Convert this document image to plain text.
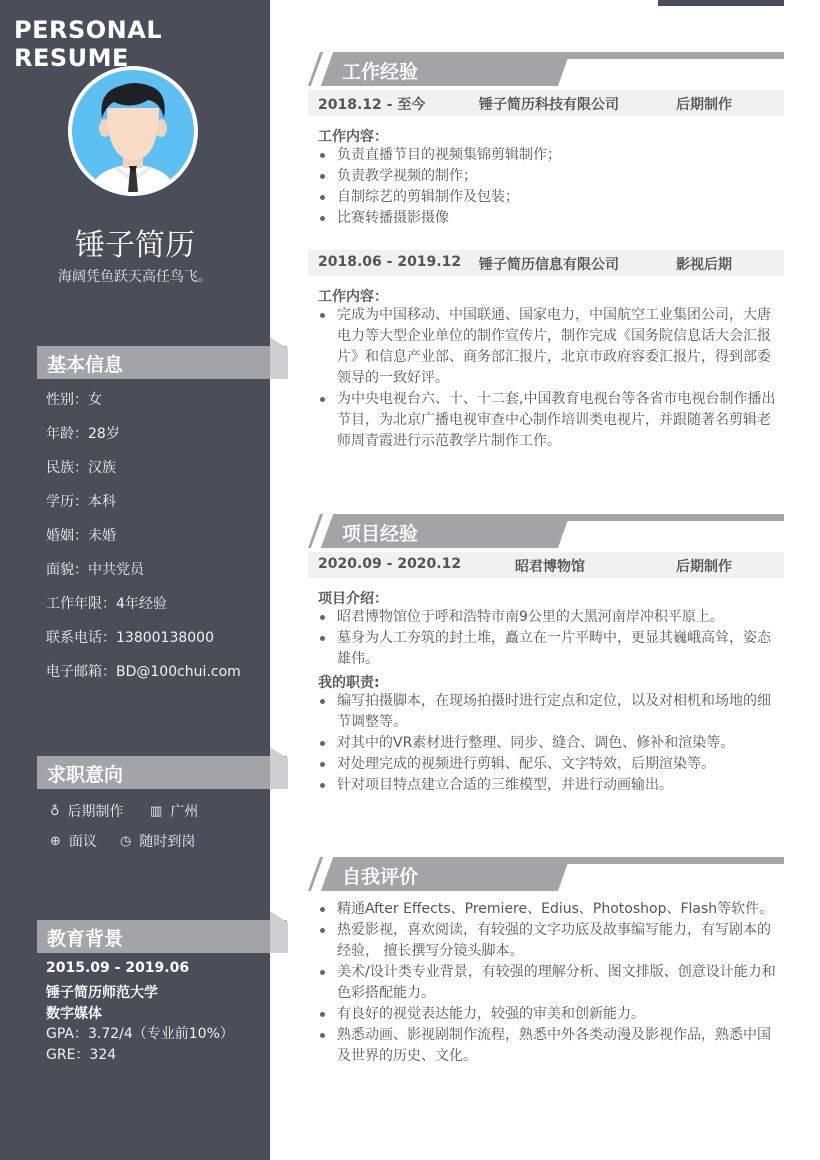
PERSONAL RESUME
锤子简历
海阔凭鱼跃天高任鸟飞。
基本信息
性别：女
年龄：28岁
民族：汉族
学历：本科
婚姻：未婚
面貌：中共党员
工作年限：4年经验
联系电话：13800138000
电子邮箱：BD@100chui.com
求职意向
♁ 后期制作 ▥ 广州
⊕ 面议 ◷ 随时到岗
教育背景
2015.09 - 2019.06
锤子简历师范大学
数字媒体
GPA：3.72/4（专业前10%）
GRE：324
工作经验
2018.12 - 至今	锤子简历科技有限公司	后期制作
工作内容：
负责直播节目的视频集锦剪辑制作；
负责教学视频的制作；
自制综艺的剪辑制作及包装；
比赛转播摄影摄像
2018.06 - 2019.12 锤子简历信息有限公司	影视后期
工作内容：
完成为中国移动、中国联通、国家电力，中国航空工业集团公司，大唐电力等大型企业单位的制作宣传片，制作完成《国务院信息话大会汇报片》和信息产业部、商务部汇报片，北京市政府容委汇报片，得到部委领导的一致好评。
为中央电视台六、十、十二套,中国教育电视台等各省市电视台制作播出节目，为北京广播电视审查中心制作培训类电视片，并跟随著名剪辑老师周青霞进行示范教学片制作工作。
项目经验
2020.09 - 2020.12	昭君博物馆	后期制作
项目介绍：
昭君博物馆位于呼和浩特市南9公里的大黑河南岸冲积平原上。
墓身为人工夯筑的封土堆，矗立在一片平畴中，更显其巍峨高耸，姿态雄伟。
我的职责:
编写拍摄脚本，在现场拍摄时进行定点和定位，以及对相机和场地的细节调整等。
对其中的VR素材进行整理、同步、缝合、调色、修补和渲染等。
对处理完成的视频进行剪辑、配乐、文字特效，后期渲染等。
针对项目特点建立合适的三维模型，并进行动画输出。
自我评价
精通After Effects、Premiere、Edius、Photoshop、Flash等软件。
热爱影视，喜欢阅读，有较强的文字功底及故事编写能力，有写剧本的经验， 擅长撰写分镜头脚本。
美术/设计类专业背景，有较强的理解分析、图文排版、创意设计能力和色彩搭配能力。
有良好的视觉表达能力，较强的审美和创新能力。
熟悉动画、影视剧制作流程，熟悉中外各类动漫及影视作品，熟悉中国及世界的历史、文化。
